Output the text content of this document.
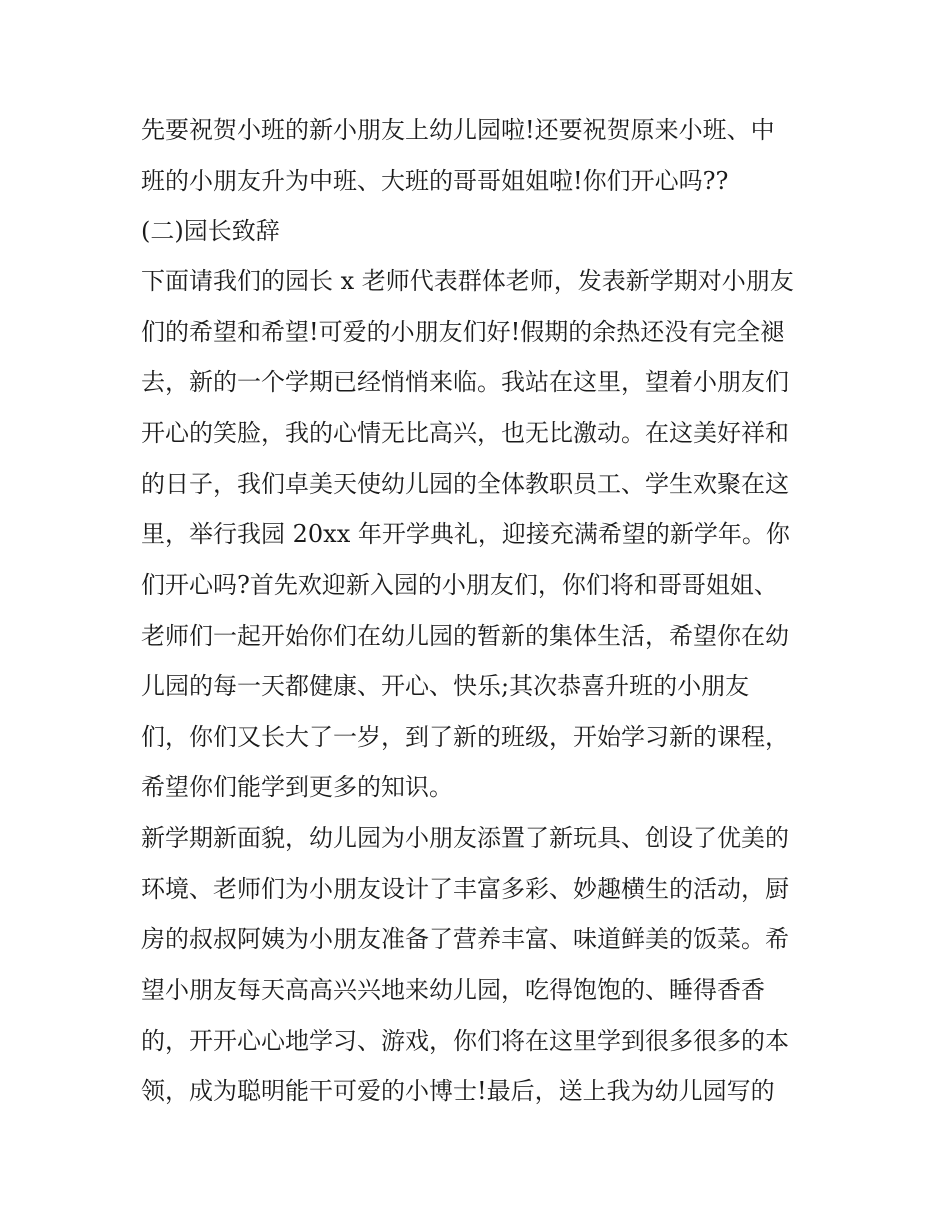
先要祝贺小班的新小朋友上幼儿园啦!还要祝贺原来小班、中
班的小朋友升为中班、大班的哥哥姐姐啦!你们开心吗??
(二)园长致辞
下面请我们的园长 x 老师代表群体老师，发表新学期对小朋友
们的希望和希望!可爱的小朋友们好!假期的余热还没有完全褪
去，新的一个学期已经悄悄来临。我站在这里，望着小朋友们
开心的笑脸，我的心情无比高兴，也无比激动。在这美好祥和
的日子，我们卓美天使幼儿园的全体教职员工、学生欢聚在这
里，举行我园 20xx 年开学典礼，迎接充满希望的新学年。你
们开心吗?首先欢迎新入园的小朋友们，你们将和哥哥姐姐、
老师们一起开始你们在幼儿园的暂新的集体生活，希望你在幼
儿园的每一天都健康、开心、快乐;其次恭喜升班的小朋友
们，你们又长大了一岁，到了新的班级，开始学习新的课程，
希望你们能学到更多的知识。
新学期新面貌，幼儿园为小朋友添置了新玩具、创设了优美的
环境、老师们为小朋友设计了丰富多彩、妙趣横生的活动，厨
房的叔叔阿姨为小朋友准备了营养丰富、味道鲜美的饭菜。希
望小朋友每天高高兴兴地来幼儿园，吃得饱饱的、睡得香香
的，开开心心地学习、游戏，你们将在这里学到很多很多的本
领，成为聪明能干可爱的小博士!最后，送上我为幼儿园写的
